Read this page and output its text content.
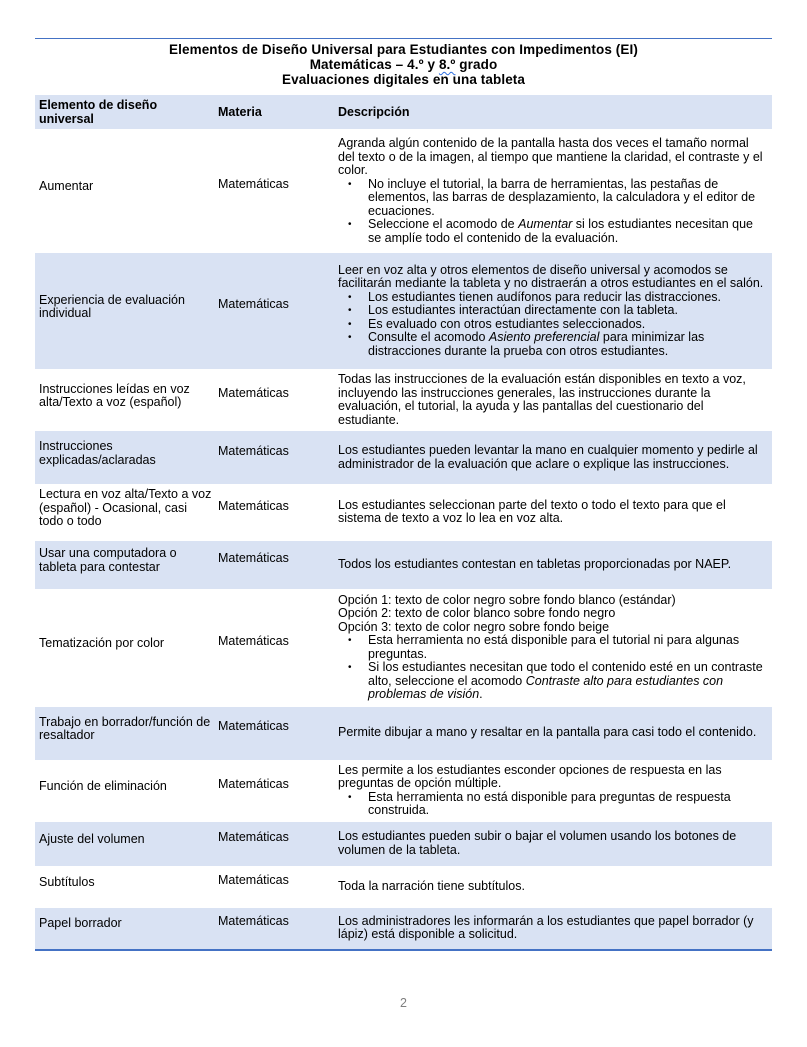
Elementos de Diseño Universal para Estudiantes con Impedimentos (EI)
Matemáticas – 4.º y 8.º grado
Evaluaciones digitales en una tableta
Elemento de diseño universal	Materia	Descripción
Aumentar	Matemáticas	Agranda algún contenido de la pantalla hasta dos veces el tamaño normal del texto o de la imagen, al tiempo que mantiene la claridad, el contraste y el color.
• No incluye el tutorial, la barra de herramientas, las pestañas de elementos, las barras de desplazamiento, la calculadora y el editor de ecuaciones.
• Seleccione el acomodo de Aumentar si los estudiantes necesitan que se amplíe todo el contenido de la evaluación.

Experiencia de evaluación individual	Matemáticas	
Leer en voz alta y otros elementos de diseño universal y acomodos se facilitarán mediante la tableta y no distraerán a otros estudiantes en el salón.
•	Los estudiantes tienen audífonos para reducir las distracciones.
•	Los estudiantes interactúan directamente con la tableta.
•	Es evaluado con otros estudiantes seleccionados.
•	Consulte el acomodo Asiento preferencial para minimizar las distracciones durante la prueba con otros estudiantes.

Instrucciones leídas en voz alta/Texto a voz (español)	Matemáticas	Todas las instrucciones de la evaluación están disponibles en texto a voz, incluyendo las instrucciones generales, las instrucciones durante la evaluación, el tutorial, la ayuda y las pantallas del cuestionario del estudiante.

Instrucciones explicadas/aclaradas	Matemáticas	Los estudiantes pueden levantar la mano en cualquier momento y pedirle al administrador de la evaluación que aclare o explique las instrucciones.

Lectura en voz alta/Texto a voz (español) - Ocasional, casi todo o todo	Matemáticas	Los estudiantes seleccionan parte del texto o todo el texto para que el sistema de texto a voz lo lea en voz alta.

Usar una computadora o tableta para contestar	Matemáticas	Todos los estudiantes contestan en tabletas proporcionadas por NAEP.

Tematización por color	Matemáticas	
Opción 1: texto de color negro sobre fondo blanco (estándar)
Opción 2: texto de color blanco sobre fondo negro
Opción 3: texto de color negro sobre fondo beige
•	Esta herramienta no está disponible para el tutorial ni para algunas preguntas.
•	Si los estudiantes necesitan que todo el contenido esté en un contraste alto, seleccione el acomodo Contraste alto para estudiantes con problemas de visión.

Trabajo en borrador/función de resaltador	Matemáticas	Permite dibujar a mano y resaltar en la pantalla para casi todo el contenido.

Función de eliminación	Matemáticas	Les permite a los estudiantes esconder opciones de respuesta en las preguntas de opción múltiple.
• Esta herramienta no está disponible para preguntas de respuesta construida.

Ajuste del volumen	Matemáticas	Los estudiantes pueden subir o bajar el volumen usando los botones de volumen de la tableta.

Subtítulos	Matemáticas	Toda la narración tiene subtítulos.

Papel borrador	Matemáticas	Los administradores les informarán a los estudiantes que papel borrador (y lápiz) está disponible a solicitud.
2
